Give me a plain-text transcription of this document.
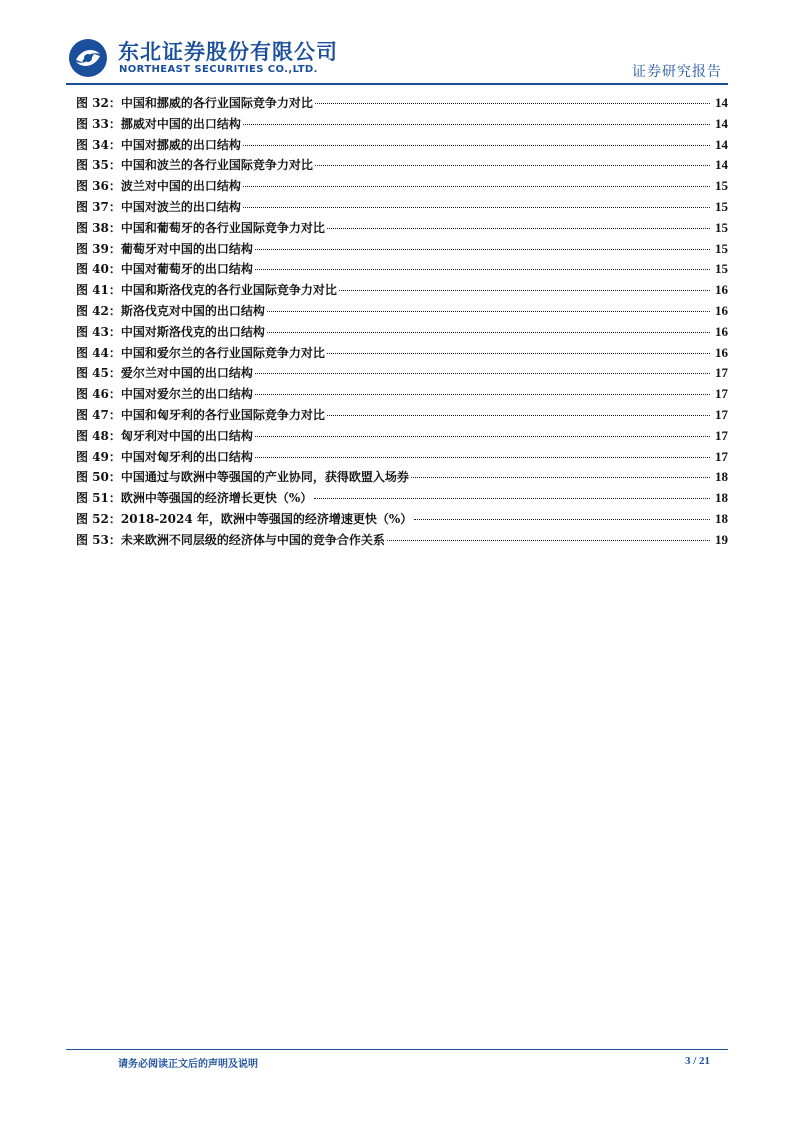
东北证券股份有限公司
NORTHEAST SECURITIES CO.,LTD.	证券研究报告
图 32： 中国和挪威的各行业国际竞争力对比	14
图 33： 挪威对中国的出口结构	14
图 34： 中国对挪威的出口结构	14
图 35： 中国和波兰的各行业国际竞争力对比	14
图 36： 波兰对中国的出口结构	15
图 37： 中国对波兰的出口结构	15
图 38： 中国和葡萄牙的各行业国际竞争力对比	15
图 39： 葡萄牙对中国的出口结构	15
图 40： 中国对葡萄牙的出口结构	15
图 41： 中国和斯洛伐克的各行业国际竞争力对比	16
图 42： 斯洛伐克对中国的出口结构	16
图 43： 中国对斯洛伐克的出口结构	16
图 44： 中国和爱尔兰的各行业国际竞争力对比	16
图 45： 爱尔兰对中国的出口结构	17
图 46： 中国对爱尔兰的出口结构	17
图 47： 中国和匈牙利的各行业国际竞争力对比	17
图 48： 匈牙利对中国的出口结构	17
图 49： 中国对匈牙利的出口结构	17
图 50： 中国通过与欧洲中等强国的产业协同，获得欧盟入场券	18
图 51： 欧洲中等强国的经济增长更快（%）	18
图 52： 2018-2024 年，欧洲中等强国的经济增速更快（%）	18
图 53： 未来欧洲不同层级的经济体与中国的竞争合作关系	19
请务必阅读正文后的声明及说明	3 / 21
